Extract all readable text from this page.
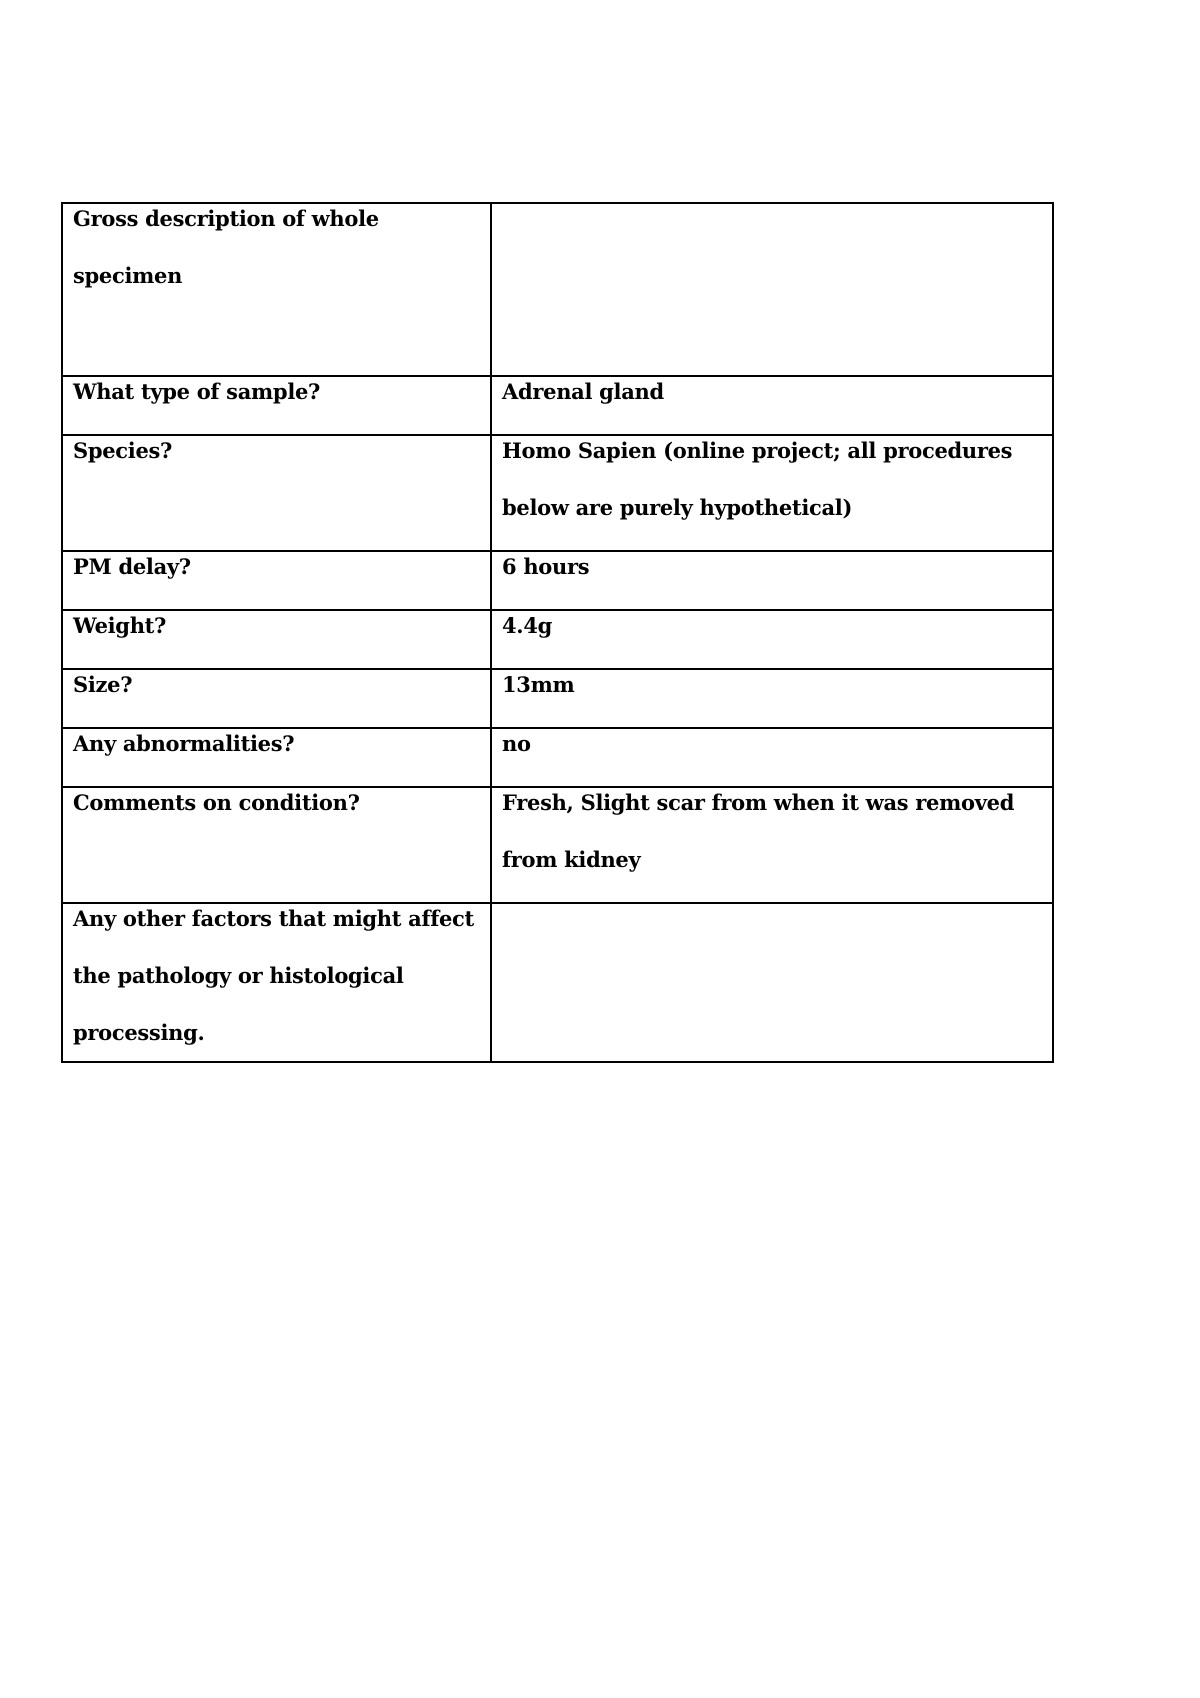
Gross description of whole specimen	

What type of sample?	Adrenal gland

Species?	Homo Sapien (online project; all procedures below are purely hypothetical)

PM delay?	6 hours

Weight?	4.4g

Size?	13mm

Any abnormalities?	no

Comments on condition?	Fresh, Slight scar from when it was removed from kidney

Any other factors that might affect the pathology or histological processing.	
